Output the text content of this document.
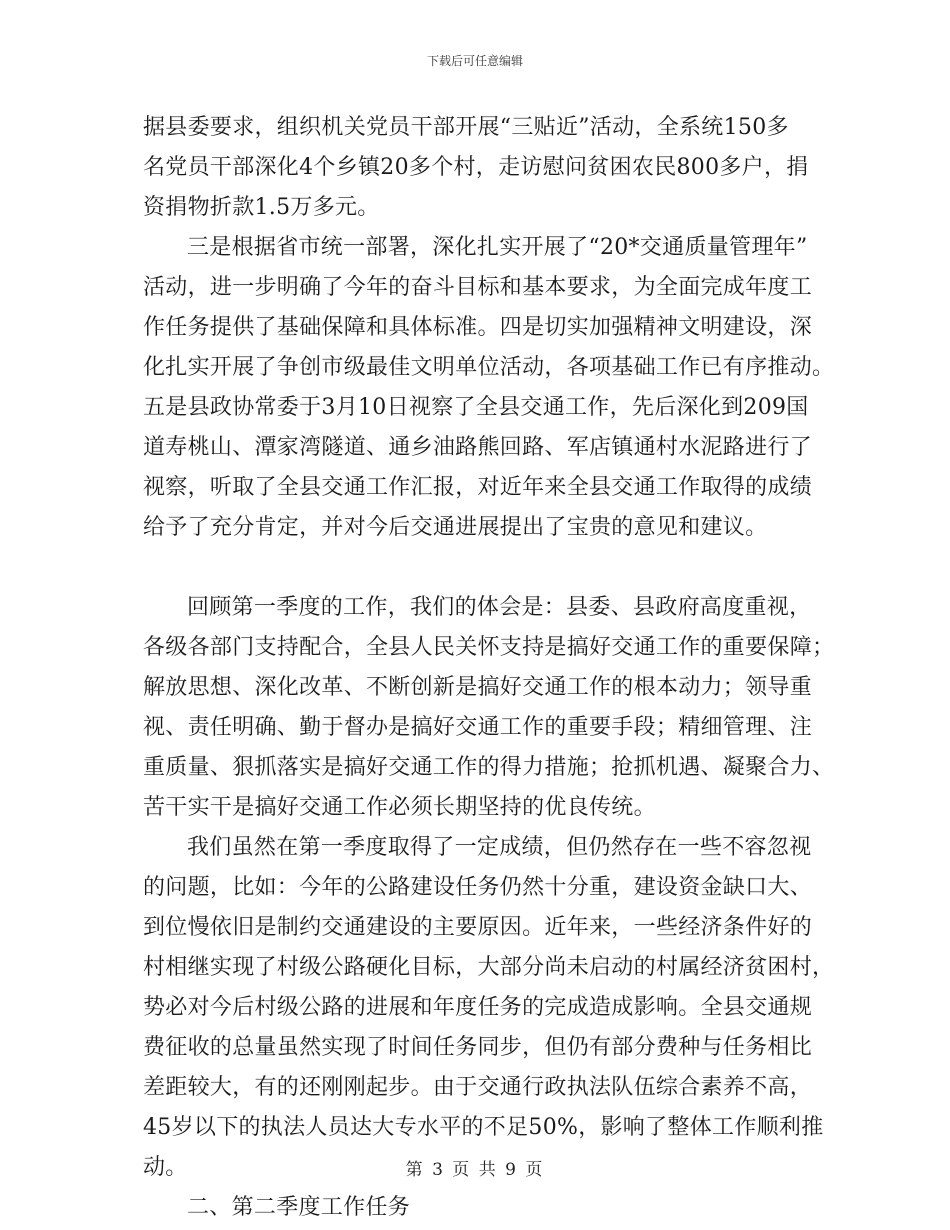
下载后可任意编辑
据县委要求，组织机关党员干部开展“三贴近”活动，全系统150多
名党员干部深化4个乡镇20多个村，走访慰问贫困农民800多户，捐
资捐物折款1.5万多元。
三是根据省市统一部署，深化扎实开展了“20*交通质量管理年”
活动，进一步明确了今年的奋斗目标和基本要求，为全面完成年度工
作任务提供了基础保障和具体标准。四是切实加强精神文明建设，深
化扎实开展了争创市级最佳文明单位活动，各项基础工作已有序推动。
五是县政协常委于3月10日视察了全县交通工作，先后深化到209国
道寿桃山、潭家湾隧道、通乡油路熊回路、军店镇通村水泥路进行了
视察，听取了全县交通工作汇报，对近年来全县交通工作取得的成绩
给予了充分肯定，并对今后交通进展提出了宝贵的意见和建议。
回顾第一季度的工作，我们的体会是：县委、县政府高度重视，
各级各部门支持配合，全县人民关怀支持是搞好交通工作的重要保障；
解放思想、深化改革、不断创新是搞好交通工作的根本动力；领导重
视、责任明确、勤于督办是搞好交通工作的重要手段；精细管理、注
重质量、狠抓落实是搞好交通工作的得力措施；抢抓机遇、凝聚合力、
苦干实干是搞好交通工作必须长期坚持的优良传统。
我们虽然在第一季度取得了一定成绩，但仍然存在一些不容忽视
的问题，比如：今年的公路建设任务仍然十分重，建设资金缺口大、
到位慢依旧是制约交通建设的主要原因。近年来，一些经济条件好的
村相继实现了村级公路硬化目标，大部分尚未启动的村属经济贫困村，
势必对今后村级公路的进展和年度任务的完成造成影响。全县交通规
费征收的总量虽然实现了时间任务同步，但仍有部分费种与任务相比
差距较大，有的还刚刚起步。由于交通行政执法队伍综合素养不高，
45岁以下的执法人员达大专水平的不足50%，影响了整体工作顺利推
动。
二、第二季度工作任务
第 3 页 共 9 页
